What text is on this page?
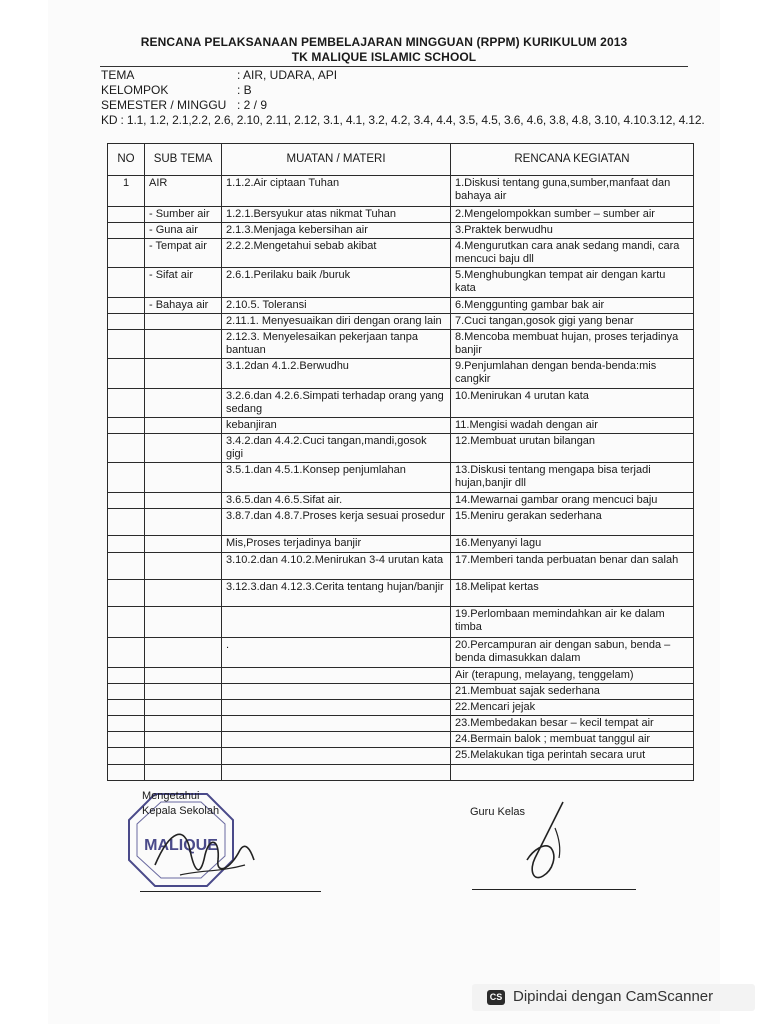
RENCANA PELAKSANAAN PEMBELAJARAN MINGGUAN (RPPM) KURIKULUM 2013
TK MALIQUE ISLAMIC SCHOOL
TEMA	: AIR, UDARA, API
KELOMPOK	: B
SEMESTER / MINGGU : 2 / 9
KD : 1.1, 1.2, 2.1,2.2, 2.6, 2.10, 2.11, 2.12, 3.1, 4.1, 3.2, 4.2, 3.4, 4.4, 3.5, 4.5, 3.6, 4.6, 3.8, 4.8, 3.10, 4.10.3.12, 4.12.
NO	SUB TEMA	MUATAN / MATERI	RENCANA KEGIATAN
1	AIR	1.1.2.Air ciptaan Tuhan	1.Diskusi tentang guna,sumber,manfaat dan bahaya air
	- Sumber air	1.2.1.Bersyukur atas nikmat Tuhan	2.Mengelompokkan sumber – sumber air
	- Guna air	2.1.3.Menjaga kebersihan air	3.Praktek berwudhu
	- Tempat air	2.2.2.Mengetahui sebab akibat	4.Mengurutkan cara anak sedang mandi, cara mencuci baju dll
	- Sifat air	2.6.1.Perilaku baik /buruk	5.Menghubungkan tempat air dengan kartu kata
	- Bahaya air	2.10.5. Toleransi	6.Menggunting gambar bak air
		2.11.1. Menyesuaikan diri dengan orang lain	7.Cuci tangan,gosok gigi yang benar
		2.12.3. Menyelesaikan pekerjaan tanpa bantuan	8.Mencoba membuat hujan, proses terjadinya banjir
		3.1.2dan 4.1.2.Berwudhu	9.Penjumlahan dengan benda-benda:mis cangkir
		3.2.6.dan 4.2.6.Simpati terhadap orang yang sedang	10.Menirukan 4 urutan kata
		kebanjiran	11.Mengisi wadah dengan air
		3.4.2.dan 4.4.2.Cuci tangan,mandi,gosok gigi	12.Membuat urutan bilangan
		3.5.1.dan 4.5.1.Konsep penjumlahan	13.Diskusi tentang mengapa bisa terjadi hujan,banjir dll
		3.6.5.dan 4.6.5.Sifat air.	14.Mewarnai gambar orang mencuci baju
		3.8.7.dan 4.8.7.Proses kerja sesuai prosedur	15.Meniru gerakan sederhana
		Mis,Proses terjadinya banjir	16.Menyanyi lagu
		3.10.2.dan 4.10.2.Menirukan 3-4 urutan kata	17.Memberi tanda perbuatan benar dan salah
		3.12.3.dan 4.12.3.Cerita tentang hujan/banjir	18.Melipat kertas
			19.Perlombaan memindahkan air ke dalam timba
		.	20.Percampuran air dengan sabun, benda – benda dimasukkan dalam
			Air (terapung, melayang, tenggelam)
			21.Membuat sajak sederhana
			22.Mencari jejak
			23.Membedakan besar – kecil tempat air
			24.Bermain balok ; membuat tanggul air
			25.Melakukan tiga perintah secara urut

MALIQUE
Mengetahui
Kepala Sekolah	Guru Kelas
CS Dipindai dengan CamScanner
